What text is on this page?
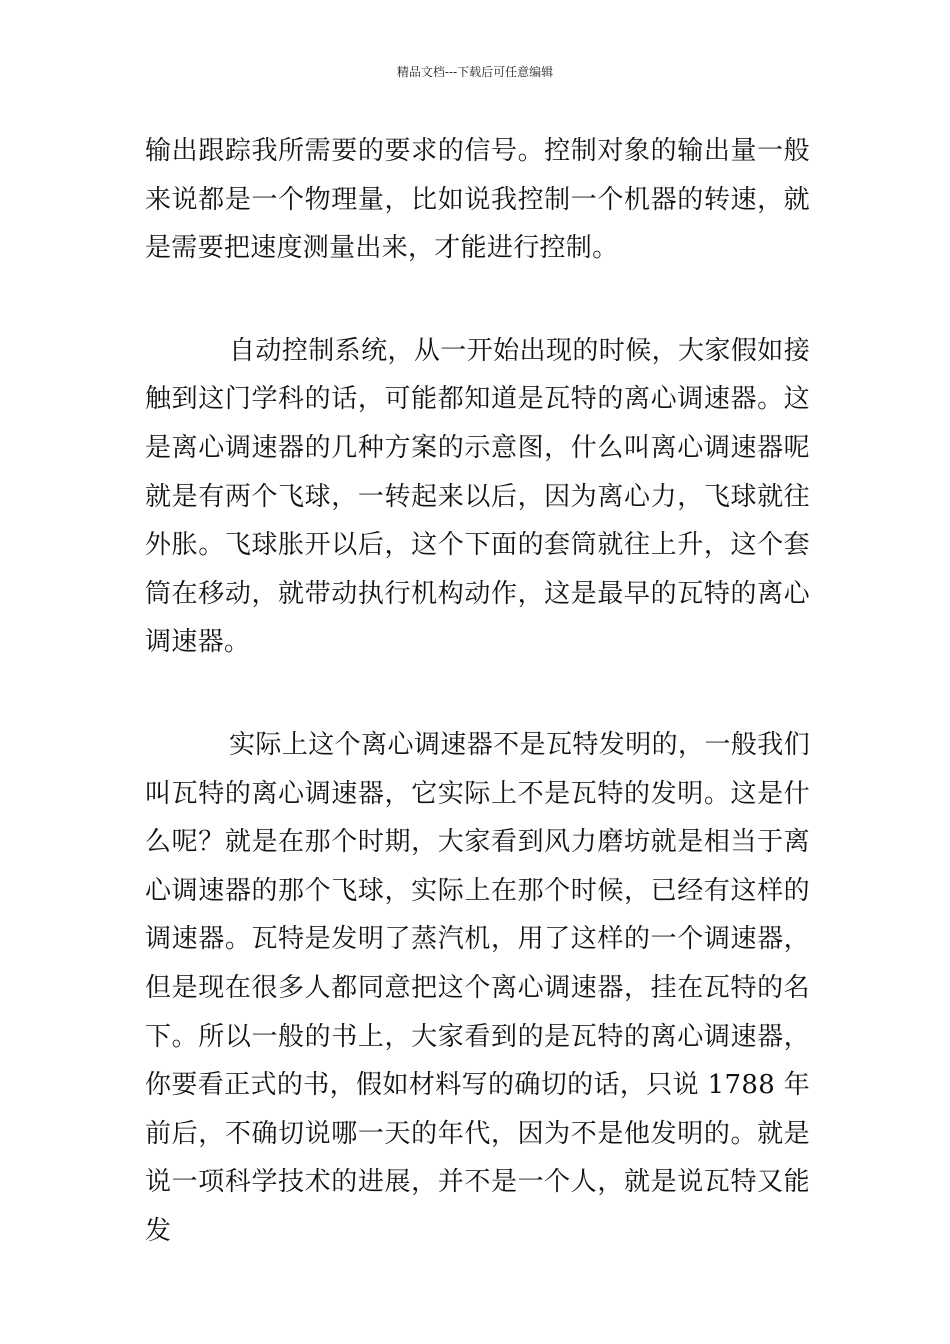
精品文档---下载后可任意编辑

输出跟踪我所需要的要求的信号。控制对象的输出量一般来说都是一个物理量，比如说我控制一个机器的转速，就是需要把速度测量出来，才能进行控制。

自动控制系统，从一开始出现的时候，大家假如接触到这门学科的话，可能都知道是瓦特的离心调速器。这是离心调速器的几种方案的示意图，什么叫离心调速器呢就是有两个飞球，一转起来以后，因为离心力，飞球就往外胀。飞球胀开以后，这个下面的套筒就往上升，这个套筒在移动，就带动执行机构动作，这是最早的瓦特的离心调速器。

实际上这个离心调速器不是瓦特发明的，一般我们叫瓦特的离心调速器，它实际上不是瓦特的发明。这是什么呢？就是在那个时期，大家看到风力磨坊就是相当于离心调速器的那个飞球，实际上在那个时候，已经有这样的调速器。瓦特是发明了蒸汽机，用了这样的一个调速器，但是现在很多人都同意把这个离心调速器，挂在瓦特的名下。所以一般的书上，大家看到的是瓦特的离心调速器，你要看正式的书，假如材料写的确切的话，只说 1788 年前后，不确切说哪一天的年代，因为不是他发明的。就是说一项科学技术的进展，并不是一个人，就是说瓦特又能发
